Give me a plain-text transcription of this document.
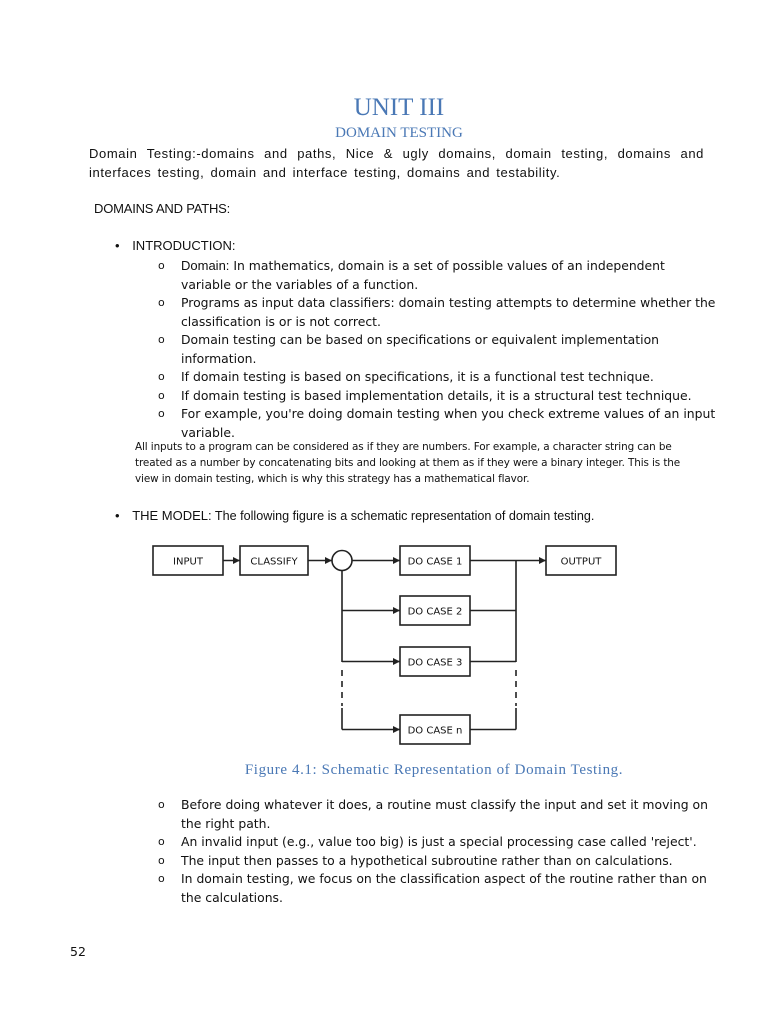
UNIT III
DOMAIN TESTING
Domain Testing:-domains and paths, Nice & ugly domains, domain testing, domains and interfaces testing, domain and interface testing, domains and testability.
DOMAINS AND PATHS:
• INTRODUCTION:
o Domain: In mathematics, domain is a set of possible values of an independent variable or the variables of a function.
o Programs as input data classifiers: domain testing attempts to determine whether the classification is or is not correct.
o Domain testing can be based on specifications or equivalent implementation information.
o If domain testing is based on specifications, it is a functional test technique.
o If domain testing is based implementation details, it is a structural test technique.
o For example, you're doing domain testing when you check extreme values of an input variable.
All inputs to a program can be considered as if they are numbers. For example, a character string can be treated as a number by concatenating bits and looking at them as if they were a binary integer. This is the view in domain testing, which is why this strategy has a mathematical flavor.
• THE MODEL: The following figure is a schematic representation of domain testing.
INPUT	CLASSIFY	DO CASE 1
DO CASE 2
DO CASE 3
DO CASE n
OUTPUT
Figure 4.1: Schematic Representation of Domain Testing.
o Before doing whatever it does, a routine must classify the input and set it moving on the right path.
o An invalid input (e.g., value too big) is just a special processing case called 'reject'.
o The input then passes to a hypothetical subroutine rather than on calculations.
o In domain testing, we focus on the classification aspect of the routine rather than on the calculations.
52
